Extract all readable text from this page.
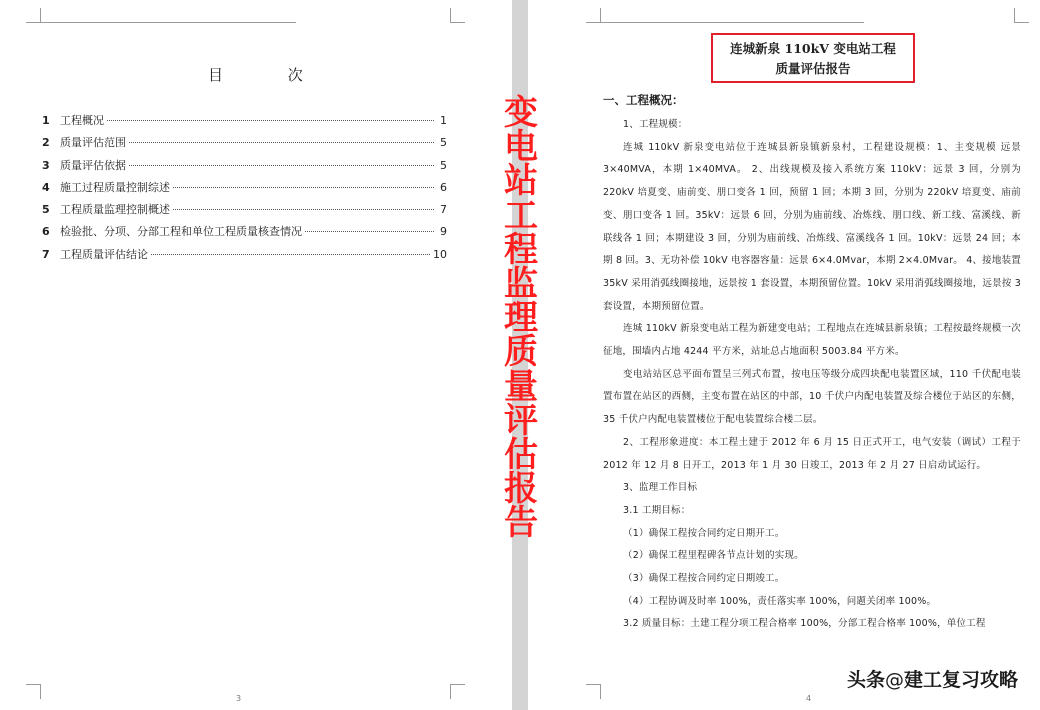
目 次
1 工程概况	1
2 质量评估范围	5
3 质量评估依据	5
4 施工过程质量控制综述	6
5 工程质量监理控制概述	7
6 检验批、分项、分部工程和单位工程质量核查情况	9
7 工程质量评估结论	10
3
连城新泉 110kV 变电站工程
质量评估报告
一、工程概况：

1、工程规模：

连城 110kV 新泉变电站位于连城县新泉镇新泉村，工程建设规模：1、主变规模 远景 3×40MVA，本期 1×40MVA。 2、出线规模及接入系统方案 110kV：远景 3 回，分别为 220kV 培夏变、庙前变、朋口变各 1 回，预留 1 回；本期 3 回，分别为 220kV 培夏变、庙前变、朋口变各 1 回。35kV：远景 6 回，分别为庙前线、冶炼线、朋口线、新工线、富溪线、新联线各 1 回；本期建设 3 回，分别为庙前线、冶炼线、富溪线各 1 回。10kV：远景 24 回；本期 8 回。3、无功补偿 10kV 电容器容量：远景 6×4.0Mvar，本期 2×4.0Mvar。 4、接地装置 35kV 采用消弧线圈接地，远景按 1 套设置，本期预留位置。10kV 采用消弧线圈接地，远景按 3 套设置，本期预留位置。

连城 110kV 新泉变电站工程为新建变电站；工程地点在连城县新泉镇；工程按最终规模一次征地，围墙内占地 4244 平方米，站址总占地面积 5003.84 平方米。

变电站站区总平面布置呈三列式布置，按电压等级分成四块配电装置区域，110 千伏配电装置布置在站区的西侧，主变布置在站区的中部，10 千伏户内配电装置及综合楼位于站区的东侧，35 千伏户内配电装置楼位于配电装置综合楼二层。

2、工程形象进度：本工程土建于 2012 年 6 月 15 日正式开工，电气安装（调试）工程于 2012 年 12 月 8 日开工，2013 年 1 月 30 日竣工，2013 年 2 月 27 日启动试运行。

3、监理工作目标

3.1 工期目标：

（1）确保工程按合同约定日期开工。

（2）确保工程里程碑各节点计划的实现。

（3）确保工程按合同约定日期竣工。

（4）工程协调及时率 100%，责任落实率 100%，问题关闭率 100%。

3.2 质量目标：土建工程分项工程合格率 100%，分部工程合格率 100%，单位工程

4
变
电
站
工
程
监
理
质
量
评
估
报
告
头条@建工复习攻略
